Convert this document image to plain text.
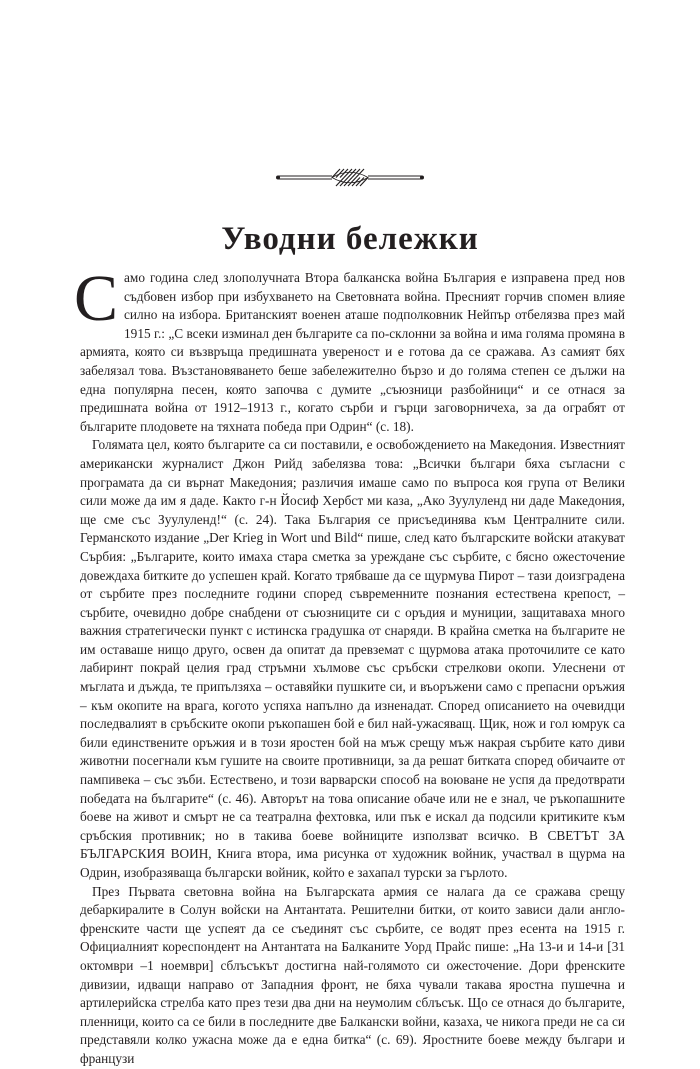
Уводни бележки

Само година след злополучната Втора балканска война България е изправена пред нов съдбовен избор при избухването на Световната война. Пресният горчив спомен влияе силно на избора. Британският военен аташе подполковник Нейпър отбелязва през май 1915 г.: „С всеки изминал ден българите са по-склонни за война и има голяма промяна в армията, която си възвръща предишната увереност и е готова да се сражава. Аз самият бях забелязал това. Възстановяването беше забележително бързо и до голяма степен се дължи на една популярна песен, която започва с думите „съюзници разбойници“ и се отнася за предишната война от 1912–1913 г., когато сърби и гърци заговорничеха, за да ограбят от българите плодовете на тяхната победа при Одрин“ (с. 18).

Голямата цел, която българите са си поставили, е освобождението на Македония. Известният американски журналист Джон Рийд забелязва това: „Всички българи бяха съгласни с програмата да си върнат Македония; различия имаше само по въпроса коя група от Велики сили може да им я даде. Както г-н Йосиф Хербст ми каза, „Ако Зуулуленд ни даде Македония, ще сме със Зуулуленд!“ (с. 24). Така България се присъединява към Централните сили. Германското издание „Der Krieg in Wort und Bild“ пише, след като българските войски атакуват Сърбия: „Българите, които имаха стара сметка за уреждане със сърбите, с бясно ожесточение довеждаха битките до успешен край. Когато трябваше да се щурмува Пирот – тази доизградена от сърбите през последните години според съвременните познания естествена крепост, – сърбите, очевидно добре снабдени от съюзниците си с оръдия и муниции, защитаваха много важния стратегически пункт с истинска градушка от снаряди. В крайна сметка на българите не им оставаше нищо друго, освен да опитат да превземат с щурмова атака проточилите се като лабиринт покрай целия град стръмни хълмове със сръбски стрелкови окопи. Улеснени от мъглата и дъжда, те припълзяха – оставяйки пушките си, и въоръжени само с препасни оръжия – към окопите на врага, когото успяха напълно да изненадат. Според описанието на очевидци последвалият в сръбските окопи ръкопашен бой е бил най-ужасяващ. Щик, нож и гол юмрук са били единствените оръжия и в този яростен бой на мъж срещу мъж накрая сърбите като диви животни посегнали към гушите на своите противници, за да решат битката според обичаите от пампивека – със зъби. Естествено, и този варварски способ на воюване не успя да предотврати победата на българите“ (с. 46). Авторът на това описание обаче или не е знал, че ръкопашните боеве на живот и смърт не са театрална фехтовка, или пък е искал да подсили критиките към сръбския противник; но в такива боеве войниците използват всичко. В СВЕТЪТ ЗА БЪЛГАРСКИЯ ВОИН, Книга втора, има рисунка от художник войник, участвал в щурма на Одрин, изобразяваща български войник, който е захапал турски за гърлото.

През Първата световна война на Българската армия се налага да се сражава срещу дебаркиралите в Солун войски на Антантата. Решителни битки, от които зависи дали англо-френските части ще успеят да се съединят със сърбите, се водят през есента на 1915 г. Официалният кореспондент на Антантата на Балканите Уорд Прайс пише: „На 13-и и 14-и [31 октомври –1 ноември] сблъсъкът достигна най-голямото си ожесточение. Дори френските дивизии, идващи направо от Западния фронт, не бяха чували такава яростна пушечна и артилерийска стрелба като през тези два дни на неумолим сблъсък. Що се отнася до българите, пленници, които са се били в последните две Балкански войни, казаха, че никога преди не са си представяли колко ужасна може да е една битка“ (с. 69). Яростните боеве между българи и французи
